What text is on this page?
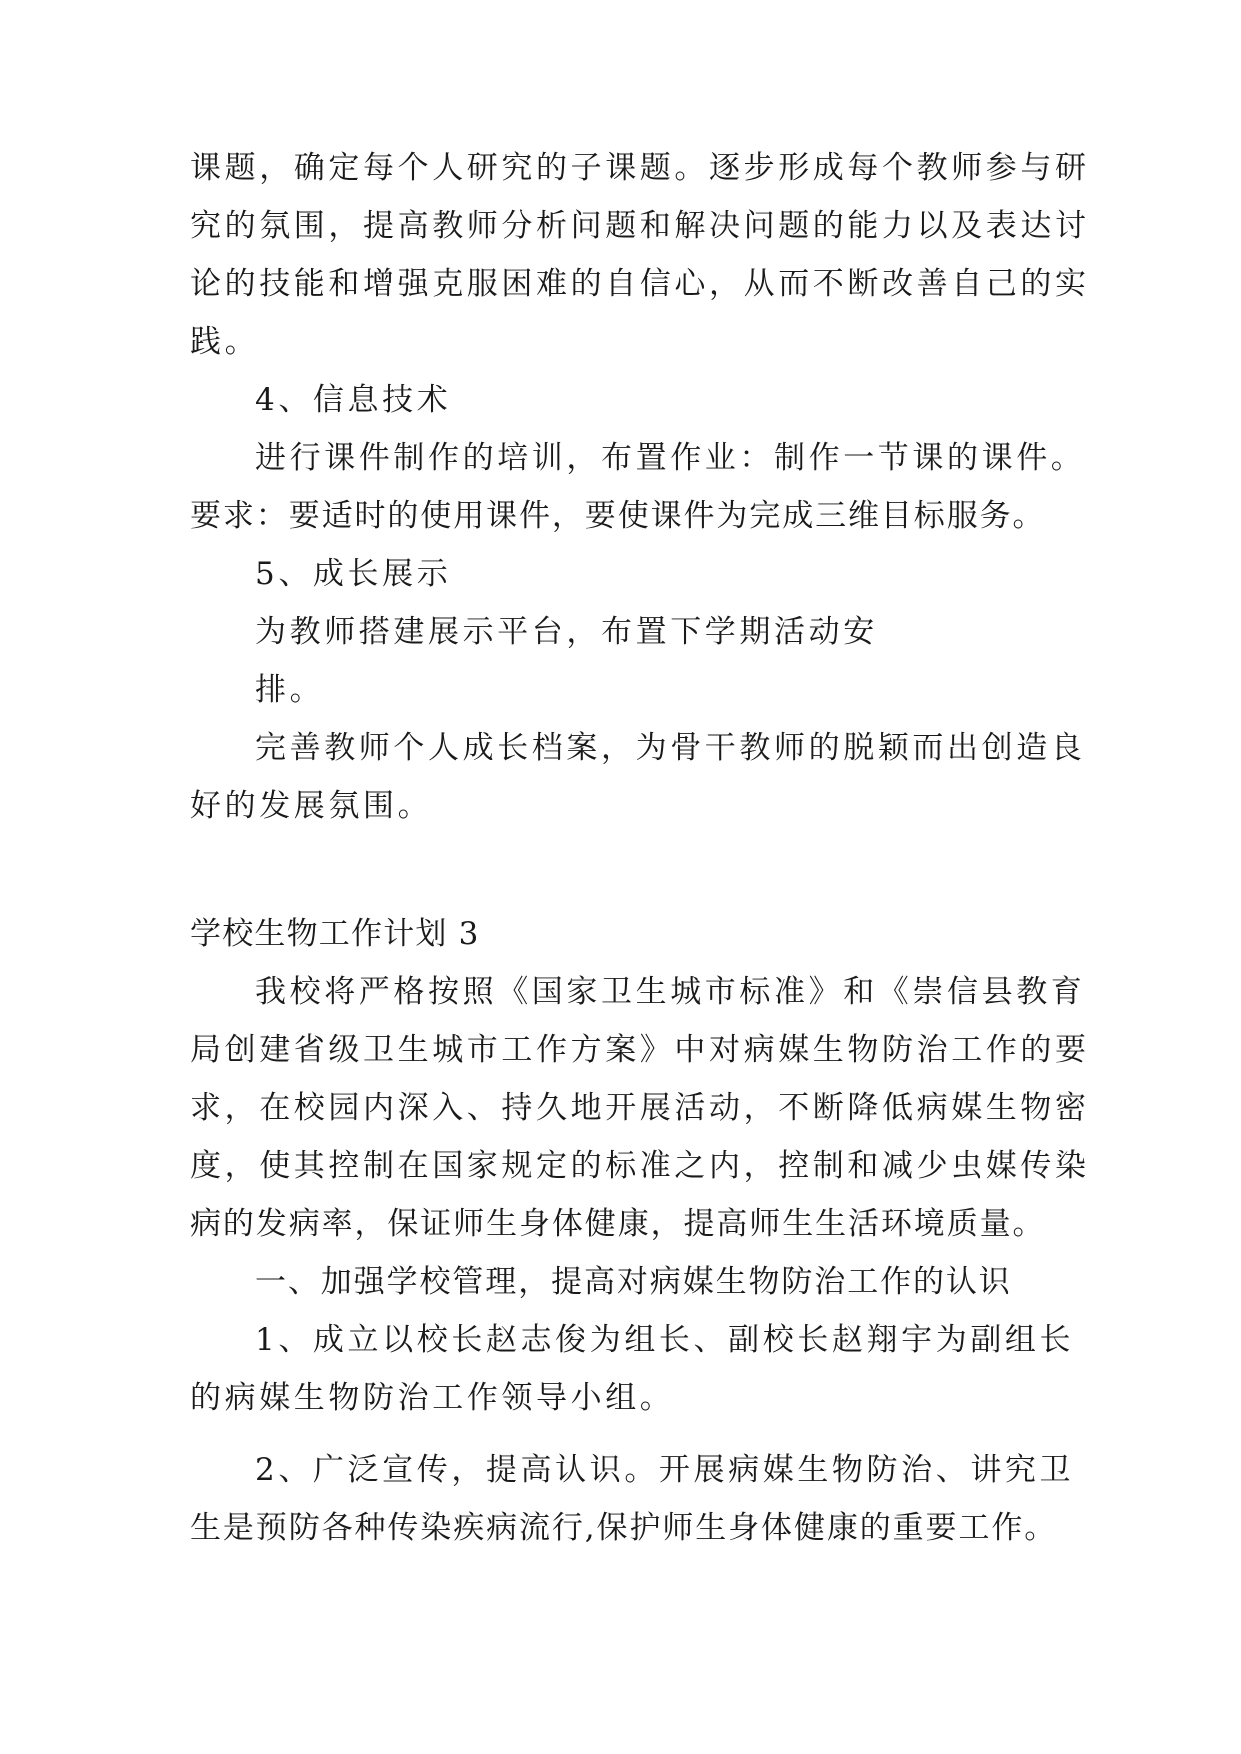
课题，确定每个人研究的子课题。逐步形成每个教师参与研
究的氛围，提高教师分析问题和解决问题的能力以及表达讨
论的技能和增强克服困难的自信心，从而不断改善自己的实
践。
4、信息技术
进行课件制作的培训，布置作业：制作一节课的课件。
要求：要适时的使用课件，要使课件为完成三维目标服务。
5、成长展示
为教师搭建展示平台，布置下学期活动安
排。
完善教师个人成长档案，为骨干教师的脱颖而出创造良
好的发展氛围。
学校生物工作计划 3
我校将严格按照《国家卫生城市标准》和《崇信县教育
局创建省级卫生城市工作方案》中对病媒生物防治工作的要
求，在校园内深入、持久地开展活动，不断降低病媒生物密
度，使其控制在国家规定的标准之内，控制和减少虫媒传染
病的发病率，保证师生身体健康，提高师生生活环境质量。
一、加强学校管理，提高对病媒生物防治工作的认识
1、成立以校长赵志俊为组长、副校长赵翔宇为副组长
的病媒生物防治工作领导小组。
2、广泛宣传，提高认识。开展病媒生物防治、讲究卫
生是预防各种传染疾病流行,保护师生身体健康的重要工作。
